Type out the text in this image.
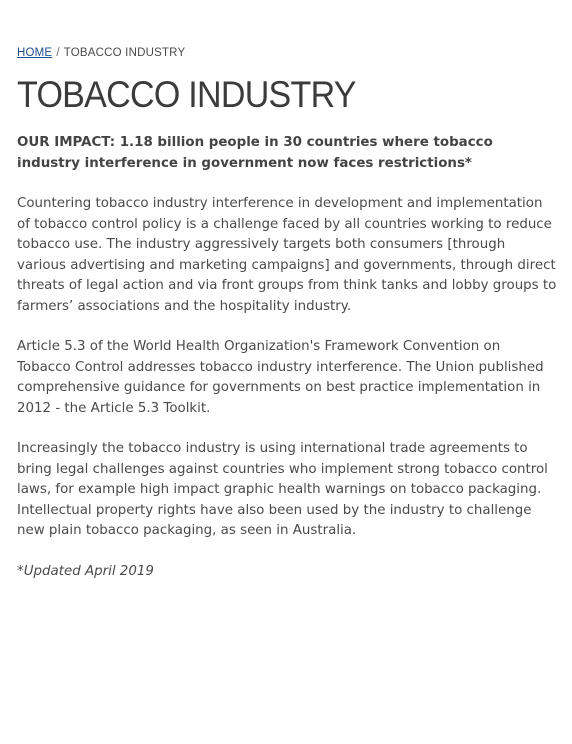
HOME / TOBACCO INDUSTRY
TOBACCO INDUSTRY

OUR IMPACT: 1.18 billion people in 30 countries where tobacco industry interference in government now faces restrictions*

Countering tobacco industry interference in development and implementation of tobacco control policy is a challenge faced by all countries working to reduce tobacco use. The industry aggressively targets both consumers [through various advertising and marketing campaigns] and governments, through direct threats of legal action and via front groups from think tanks and lobby groups to farmers’ associations and the hospitality industry.

Article 5.3 of the World Health Organization's Framework Convention on Tobacco Control addresses tobacco industry interference. The Union published comprehensive guidance for governments on best practice implementation in 2012 - the Article 5.3 Toolkit.

Increasingly the tobacco industry is using international trade agreements to bring legal challenges against countries who implement strong tobacco control laws, for example high impact graphic health warnings on tobacco packaging. Intellectual property rights have also been used by the industry to challenge new plain tobacco packaging, as seen in Australia.

*Updated April 2019
